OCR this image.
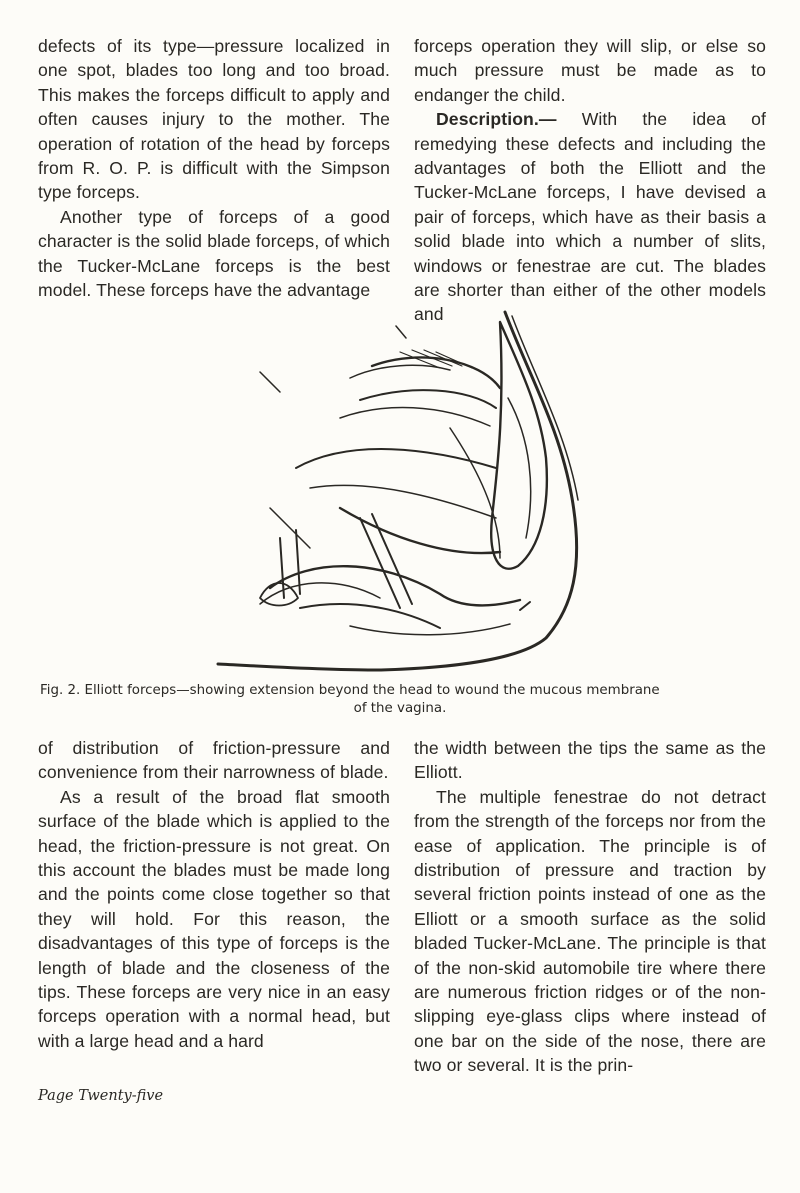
defects of its type—pressure localized in one spot, blades too long and too broad. This makes the forceps difficult to apply and often causes injury to the mother. The operation of rotation of the head by forceps from R. O. P. is difficult with the Simpson type forceps.

Another type of forceps of a good character is the solid blade forceps, of which the Tucker-McLane forceps is the best model. These forceps have the advantage

forceps operation they will slip, or else so much pressure must be made as to endanger the child.

Description.— With the idea of remedying these defects and including the advantages of both the Elliott and the Tucker-McLane forceps, I have devised a pair of forceps, which have as their basis a solid blade into which a number of slits, windows or fenestrae are cut. The blades are shorter than either of the other models and

Fig. 2. Elliott forceps—showing extension beyond the head to wound the mucous membrane
of the vagina.

of distribution of friction-pressure and convenience from their narrowness of blade.

As a result of the broad flat smooth surface of the blade which is applied to the head, the friction-pressure is not great. On this account the blades must be made long and the points come close together so that they will hold. For this reason, the disadvantages of this type of forceps is the length of blade and the closeness of the tips. These forceps are very nice in an easy forceps operation with a normal head, but with a large head and a hard

the width between the tips the same as the Elliott.

The multiple fenestrae do not detract from the strength of the forceps nor from the ease of application. The principle is of distribution of pressure and traction by several friction points instead of one as the Elliott or a smooth surface as the solid bladed Tucker-McLane. The principle is that of the non-skid automobile tire where there are numerous friction ridges or of the non-slipping eye-glass clips where instead of one bar on the side of the nose, there are two or several. It is the prin-

Page Twenty-five
